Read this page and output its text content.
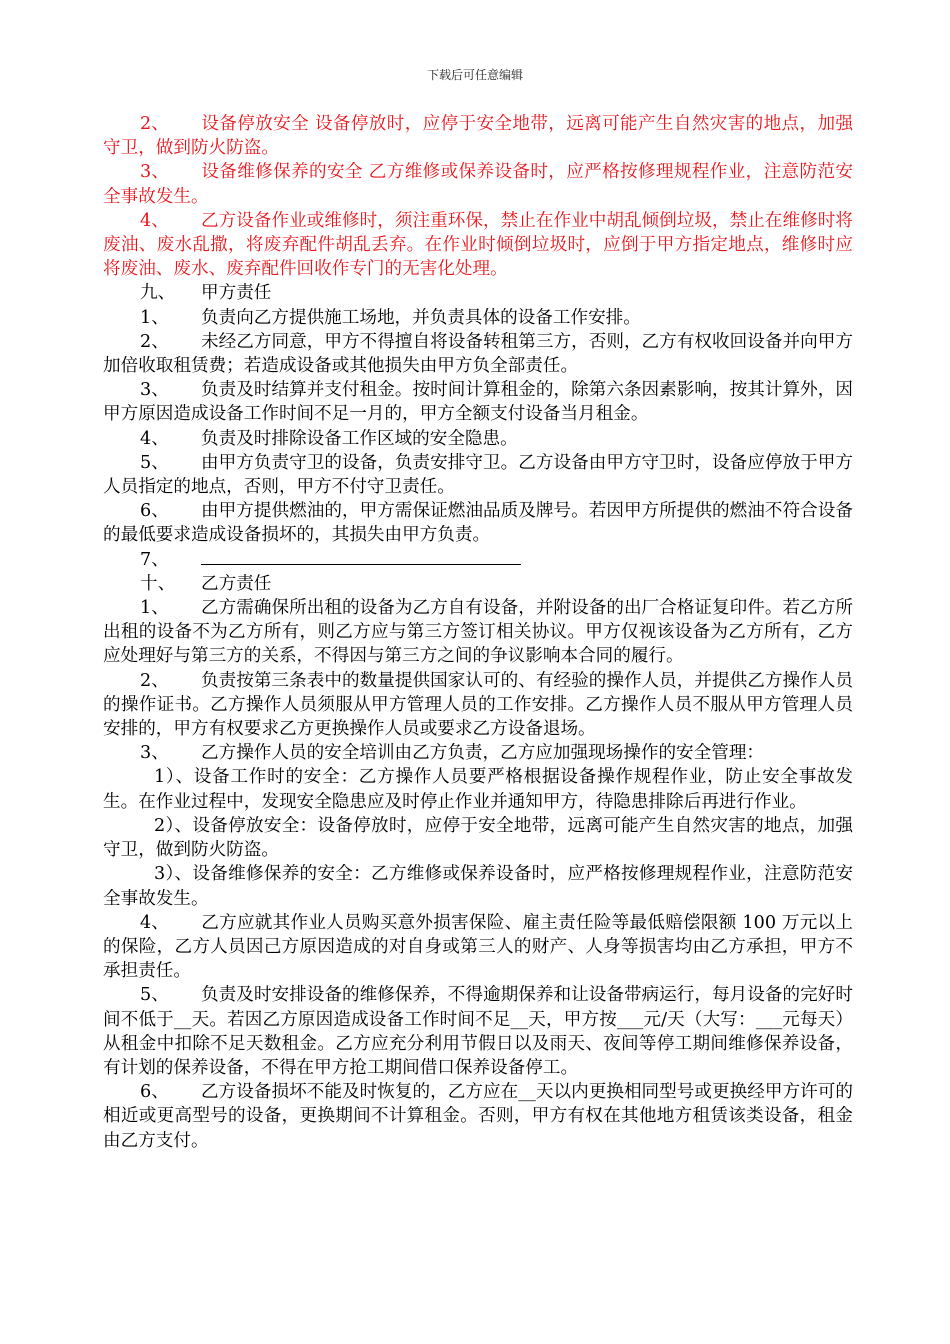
下载后可任意编辑

2、 设备停放安全 设备停放时，应停于安全地带，远离可能产生自然灾害的地点，加强守卫，做到防火防盗。

3、 设备维修保养的安全 乙方维修或保养设备时，应严格按修理规程作业，注意防范安全事故发生。

4、 乙方设备作业或维修时，须注重环保，禁止在作业中胡乱倾倒垃圾，禁止在维修时将废油、废水乱撒，将废弃配件胡乱丢弃。在作业时倾倒垃圾时，应倒于甲方指定地点，维修时应将废油、废水、废弃配件回收作专门的无害化处理。

九、 甲方责任

1、 负责向乙方提供施工场地，并负责具体的设备工作安排。

2、 未经乙方同意，甲方不得擅自将设备转租第三方，否则，乙方有权收回设备并向甲方加倍收取租赁费；若造成设备或其他损失由甲方负全部责任。

3、 负责及时结算并支付租金。按时间计算租金的，除第六条因素影响，按其计算外，因甲方原因造成设备工作时间不足一月的，甲方全额支付设备当月租金。

4、 负责及时排除设备工作区域的安全隐患。

5、 由甲方负责守卫的设备，负责安排守卫。乙方设备由甲方守卫时，设备应停放于甲方人员指定的地点，否则，甲方不付守卫责任。

6、 由甲方提供燃油的，甲方需保证燃油品质及牌号。若因甲方所提供的燃油不符合设备的最低要求造成设备损坏的，其损失由甲方负责。

7、

十、 乙方责任

1、 乙方需确保所出租的设备为乙方自有设备，并附设备的出厂合格证复印件。若乙方所出租的设备不为乙方所有，则乙方应与第三方签订相关协议。甲方仅视该设备为乙方所有，乙方应处理好与第三方的关系，不得因与第三方之间的争议影响本合同的履行。

2、 负责按第三条表中的数量提供国家认可的、有经验的操作人员，并提供乙方操作人员的操作证书。乙方操作人员须服从甲方管理人员的工作安排。乙方操作人员不服从甲方管理人员安排的，甲方有权要求乙方更换操作人员或要求乙方设备退场。

3、 乙方操作人员的安全培训由乙方负责，乙方应加强现场操作的安全管理：

1）、设备工作时的安全：乙方操作人员要严格根据设备操作规程作业，防止安全事故发生。在作业过程中，发现安全隐患应及时停止作业并通知甲方，待隐患排除后再进行作业。

2）、设备停放安全：设备停放时，应停于安全地带，远离可能产生自然灾害的地点，加强守卫，做到防火防盗。

3）、设备维修保养的安全：乙方维修或保养设备时，应严格按修理规程作业，注意防范安全事故发生。

4、 乙方应就其作业人员购买意外损害保险、雇主责任险等最低赔偿限额 100 万元以上的保险，乙方人员因己方原因造成的对自身或第三人的财产、人身等损害均由乙方承担，甲方不承担责任。

5、 负责及时安排设备的维修保养，不得逾期保养和让设备带病运行，每月设备的完好时间不低于__天。若因乙方原因造成设备工作时间不足__天，甲方按___元/天（大写：___元每天）从租金中扣除不足天数租金。乙方应充分利用节假日以及雨天、夜间等停工期间维修保养设备，有计划的保养设备，不得在甲方抢工期间借口保养设备停工。

6、 乙方设备损坏不能及时恢复的，乙方应在__天以内更换相同型号或更换经甲方许可的相近或更高型号的设备，更换期间不计算租金。否则，甲方有权在其他地方租赁该类设备，租金由乙方支付。
